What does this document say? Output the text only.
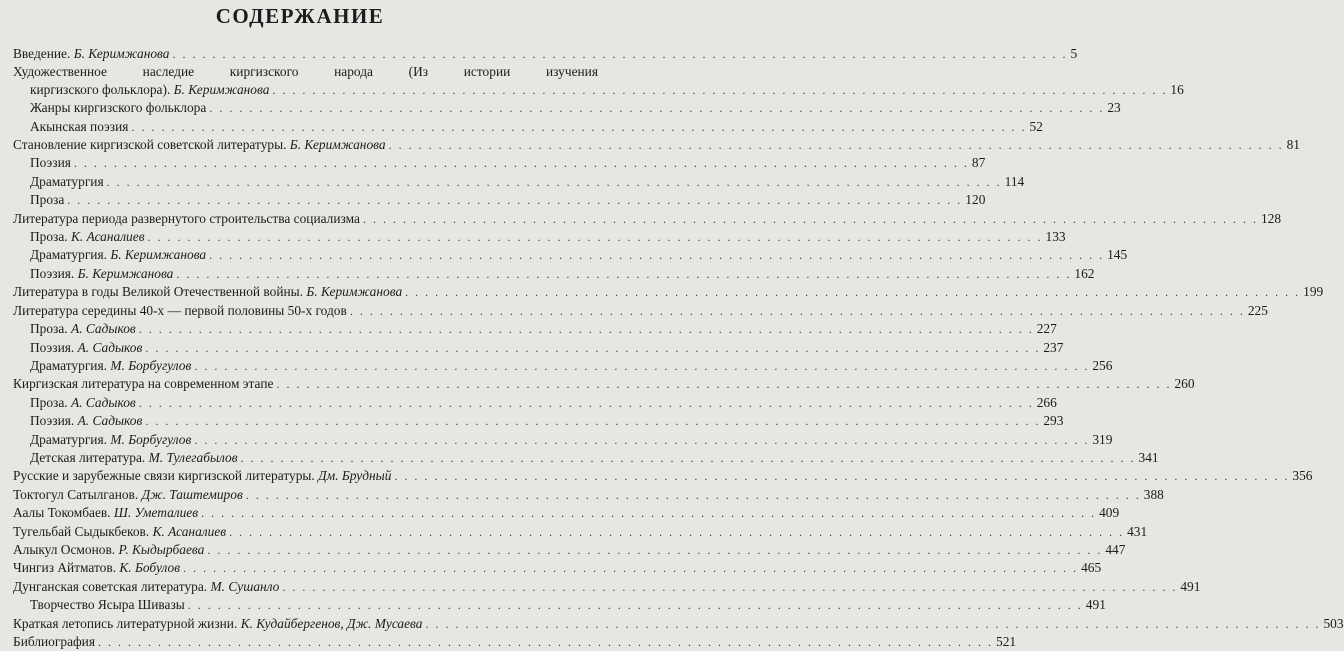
СОДЕРЖАНИЕ
Введение.
Б. Керимжанова . . . . . . . . . . . . . . . . . . . . . . . . . . . . . . . . . . . . . . . . . . . . . . . . . . . . . . . . . . . . . . . . . . . . . . . . . . . . . . . . . . . . . . . . . . 5
Художественное наследие киргизского народа (Из истории изучения
киргизского фольклора).
Б. Керимжанова . . . . . . . . . . . . . . . . . . . . . . . . . . . . . . . . . . . . . . . . . . . . . . . . . . . . . . . . . . . . . . . . . . . . . . . . . . . . . . . . . . . . . . . . . . 16
Жанры киргизского фольклора . . . . . . . . . . . . . . . . . . . . . . . . . . . . . . . . . . . . . . . . . . . . . . . . . . . . . . . . . . . . . . . . . . . . . . . . . . . . . . . . . . . . . . . . . . 23
Акынская поэзия . . . . . . . . . . . . . . . . . . . . . . . . . . . . . . . . . . . . . . . . . . . . . . . . . . . . . . . . . . . . . . . . . . . . . . . . . . . . . . . . . . . . . . . . . . 52
Становление киргизской советской литературы.
Б. Керимжанова . . . . . . . . . . . . . . . . . . . . . . . . . . . . . . . . . . . . . . . . . . . . . . . . . . . . . . . . . . . . . . . . . . . . . . . . . . . . . . . . . . . . . . . . . . 81
Поэзия . . . . . . . . . . . . . . . . . . . . . . . . . . . . . . . . . . . . . . . . . . . . . . . . . . . . . . . . . . . . . . . . . . . . . . . . . . . . . . . . . . . . . . . . . . 87
Драматургия . . . . . . . . . . . . . . . . . . . . . . . . . . . . . . . . . . . . . . . . . . . . . . . . . . . . . . . . . . . . . . . . . . . . . . . . . . . . . . . . . . . . . . . . . . 114
Проза . . . . . . . . . . . . . . . . . . . . . . . . . . . . . . . . . . . . . . . . . . . . . . . . . . . . . . . . . . . . . . . . . . . . . . . . . . . . . . . . . . . . . . . . . . 120
Литература периода развернутого строительства социализма . . . . . . . . . . . . . . . . . . . . . . . . . . . . . . . . . . . . . . . . . . . . . . . . . . . . . . . . . . . . . . . . . . . . . . . . . . . . . . . . . . . . . . . . . . 128
Проза.
К. Асаналиев . . . . . . . . . . . . . . . . . . . . . . . . . . . . . . . . . . . . . . . . . . . . . . . . . . . . . . . . . . . . . . . . . . . . . . . . . . . . . . . . . . . . . . . . . . 133
Драматургия.
Б. Керимжанова . . . . . . . . . . . . . . . . . . . . . . . . . . . . . . . . . . . . . . . . . . . . . . . . . . . . . . . . . . . . . . . . . . . . . . . . . . . . . . . . . . . . . . . . . . 145
Поэзия.
Б. Керимжанова . . . . . . . . . . . . . . . . . . . . . . . . . . . . . . . . . . . . . . . . . . . . . . . . . . . . . . . . . . . . . . . . . . . . . . . . . . . . . . . . . . . . . . . . . . 162
Литература в годы Великой Отечественной войны.
Б. Керимжанова . . . . . . . . . . . . . . . . . . . . . . . . . . . . . . . . . . . . . . . . . . . . . . . . . . . . . . . . . . . . . . . . . . . . . . . . . . . . . . . . . . . . . . . . . . 199
Литература середины 40-х — первой половины 50-х годов . . . . . . . . . . . . . . . . . . . . . . . . . . . . . . . . . . . . . . . . . . . . . . . . . . . . . . . . . . . . . . . . . . . . . . . . . . . . . . . . . . . . . . . . . . 225
Проза.
А. Садыков . . . . . . . . . . . . . . . . . . . . . . . . . . . . . . . . . . . . . . . . . . . . . . . . . . . . . . . . . . . . . . . . . . . . . . . . . . . . . . . . . . . . . . . . . . 227
Поэзия.
А. Садыков . . . . . . . . . . . . . . . . . . . . . . . . . . . . . . . . . . . . . . . . . . . . . . . . . . . . . . . . . . . . . . . . . . . . . . . . . . . . . . . . . . . . . . . . . . 237
Драматургия.
М. Борбугулов . . . . . . . . . . . . . . . . . . . . . . . . . . . . . . . . . . . . . . . . . . . . . . . . . . . . . . . . . . . . . . . . . . . . . . . . . . . . . . . . . . . . . . . . . . 256
Киргизская литература на современном этапе . . . . . . . . . . . . . . . . . . . . . . . . . . . . . . . . . . . . . . . . . . . . . . . . . . . . . . . . . . . . . . . . . . . . . . . . . . . . . . . . . . . . . . . . . . 260
Проза.
А. Садыков . . . . . . . . . . . . . . . . . . . . . . . . . . . . . . . . . . . . . . . . . . . . . . . . . . . . . . . . . . . . . . . . . . . . . . . . . . . . . . . . . . . . . . . . . . 266
Поэзия.
А. Садыков . . . . . . . . . . . . . . . . . . . . . . . . . . . . . . . . . . . . . . . . . . . . . . . . . . . . . . . . . . . . . . . . . . . . . . . . . . . . . . . . . . . . . . . . . . 293
Драматургия.
М. Борбугулов . . . . . . . . . . . . . . . . . . . . . . . . . . . . . . . . . . . . . . . . . . . . . . . . . . . . . . . . . . . . . . . . . . . . . . . . . . . . . . . . . . . . . . . . . . 319
Детская литература.
М. Тулегабылов . . . . . . . . . . . . . . . . . . . . . . . . . . . . . . . . . . . . . . . . . . . . . . . . . . . . . . . . . . . . . . . . . . . . . . . . . . . . . . . . . . . . . . . . . . 341
Русские и зарубежные связи киргизской литературы.
Дм. Брудный . . . . . . . . . . . . . . . . . . . . . . . . . . . . . . . . . . . . . . . . . . . . . . . . . . . . . . . . . . . . . . . . . . . . . . . . . . . . . . . . . . . . . . . . . . 356
Токтогул Сатылганов.
Дж. Таштемиров . . . . . . . . . . . . . . . . . . . . . . . . . . . . . . . . . . . . . . . . . . . . . . . . . . . . . . . . . . . . . . . . . . . . . . . . . . . . . . . . . . . . . . . . . . 388
Аалы Токомбаев.
Ш. Уметалиев . . . . . . . . . . . . . . . . . . . . . . . . . . . . . . . . . . . . . . . . . . . . . . . . . . . . . . . . . . . . . . . . . . . . . . . . . . . . . . . . . . . . . . . . . . 409
Тугельбай Сыдыкбеков.
К. Асаналиев . . . . . . . . . . . . . . . . . . . . . . . . . . . . . . . . . . . . . . . . . . . . . . . . . . . . . . . . . . . . . . . . . . . . . . . . . . . . . . . . . . . . . . . . . . 431
Алыкул Осмонов.
Р. Кыдырбаева . . . . . . . . . . . . . . . . . . . . . . . . . . . . . . . . . . . . . . . . . . . . . . . . . . . . . . . . . . . . . . . . . . . . . . . . . . . . . . . . . . . . . . . . . . 447
Чингиз Айтматов.
К. Бобулов . . . . . . . . . . . . . . . . . . . . . . . . . . . . . . . . . . . . . . . . . . . . . . . . . . . . . . . . . . . . . . . . . . . . . . . . . . . . . . . . . . . . . . . . . . 465
Дунганская советская литература.
М. Сушанло . . . . . . . . . . . . . . . . . . . . . . . . . . . . . . . . . . . . . . . . . . . . . . . . . . . . . . . . . . . . . . . . . . . . . . . . . . . . . . . . . . . . . . . . . . 491
Творчество Ясыра Шивазы . . . . . . . . . . . . . . . . . . . . . . . . . . . . . . . . . . . . . . . . . . . . . . . . . . . . . . . . . . . . . . . . . . . . . . . . . . . . . . . . . . . . . . . . . . 491
Краткая летопись литературной жизни.
К. Кудайбергенов, Дж. Мусаева . . . . . . . . . . . . . . . . . . . . . . . . . . . . . . . . . . . . . . . . . . . . . . . . . . . . . . . . . . . . . . . . . . . . . . . . . . . . . . . . . . . . . . . . . . 503
Библиография . . . . . . . . . . . . . . . . . . . . . . . . . . . . . . . . . . . . . . . . . . . . . . . . . . . . . . . . . . . . . . . . . . . . . . . . . . . . . . . . . . . . . . . . . . 521
